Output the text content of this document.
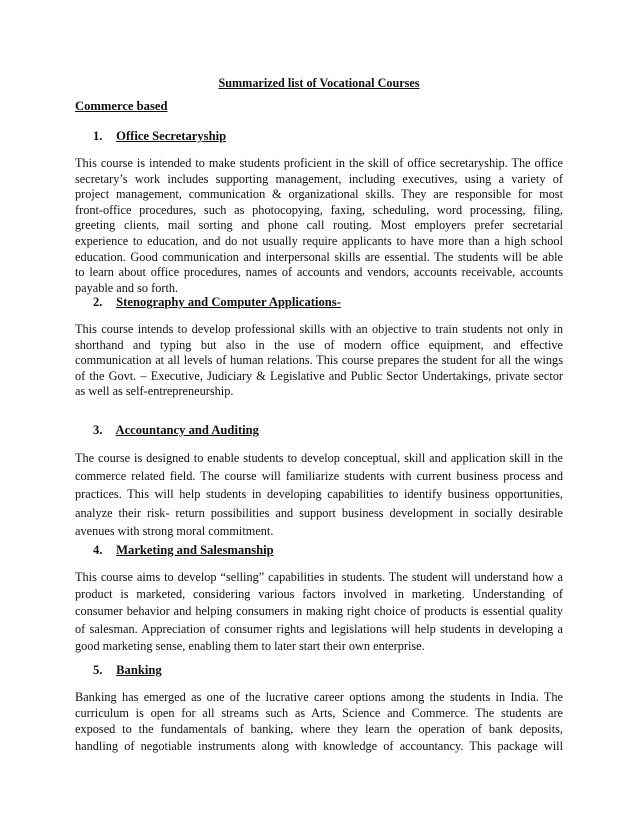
Summarized list of Vocational Courses
Commerce based
1. Office Secretaryship
This course is intended to make students proficient in the skill of office secretaryship. The office
secretary’s work includes supporting management, including executives, using a variety of
project management, communication & organizational skills. They are responsible for most
front-office procedures, such as photocopying, faxing, scheduling, word processing, filing,
greeting clients, mail sorting and phone call routing. Most employers prefer secretarial
experience to education, and do not usually require applicants to have more than a high school
education. Good communication and interpersonal skills are essential. The students will be able
to learn about office procedures, names of accounts and vendors, accounts receivable, accounts
payable and so forth.
2. Stenography and Computer Applications-
This course intends to develop professional skills with an objective to train students not only in
shorthand and typing but also in the use of modern office equipment, and effective
communication at all levels of human relations. This course prepares the student for all the wings
of the Govt. – Executive, Judiciary & Legislative and Public Sector Undertakings, private sector
as well as self-entrepreneurship.
3. Accountancy and Auditing
The course is designed to enable students to develop conceptual, skill and application skill in the
commerce related field. The course will familiarize students with current business process and
practices. This will help students in developing capabilities to identify business opportunities,
analyze their risk- return possibilities and support business development in socially desirable
avenues with strong moral commitment.
4. Marketing and Salesmanship
This course aims to develop “selling” capabilities in students. The student will understand how a
product is marketed, considering various factors involved in marketing. Understanding of
consumer behavior and helping consumers in making right choice of products is essential quality
of salesman. Appreciation of consumer rights and legislations will help students in developing a
good marketing sense, enabling them to later start their own enterprise.
5. Banking
Banking has emerged as one of the lucrative career options among the students in India. The
curriculum is open for all streams such as Arts, Science and Commerce. The students are
exposed to the fundamentals of banking, where they learn the operation of bank deposits,
handling of negotiable instruments along with knowledge of accountancy. This package will
